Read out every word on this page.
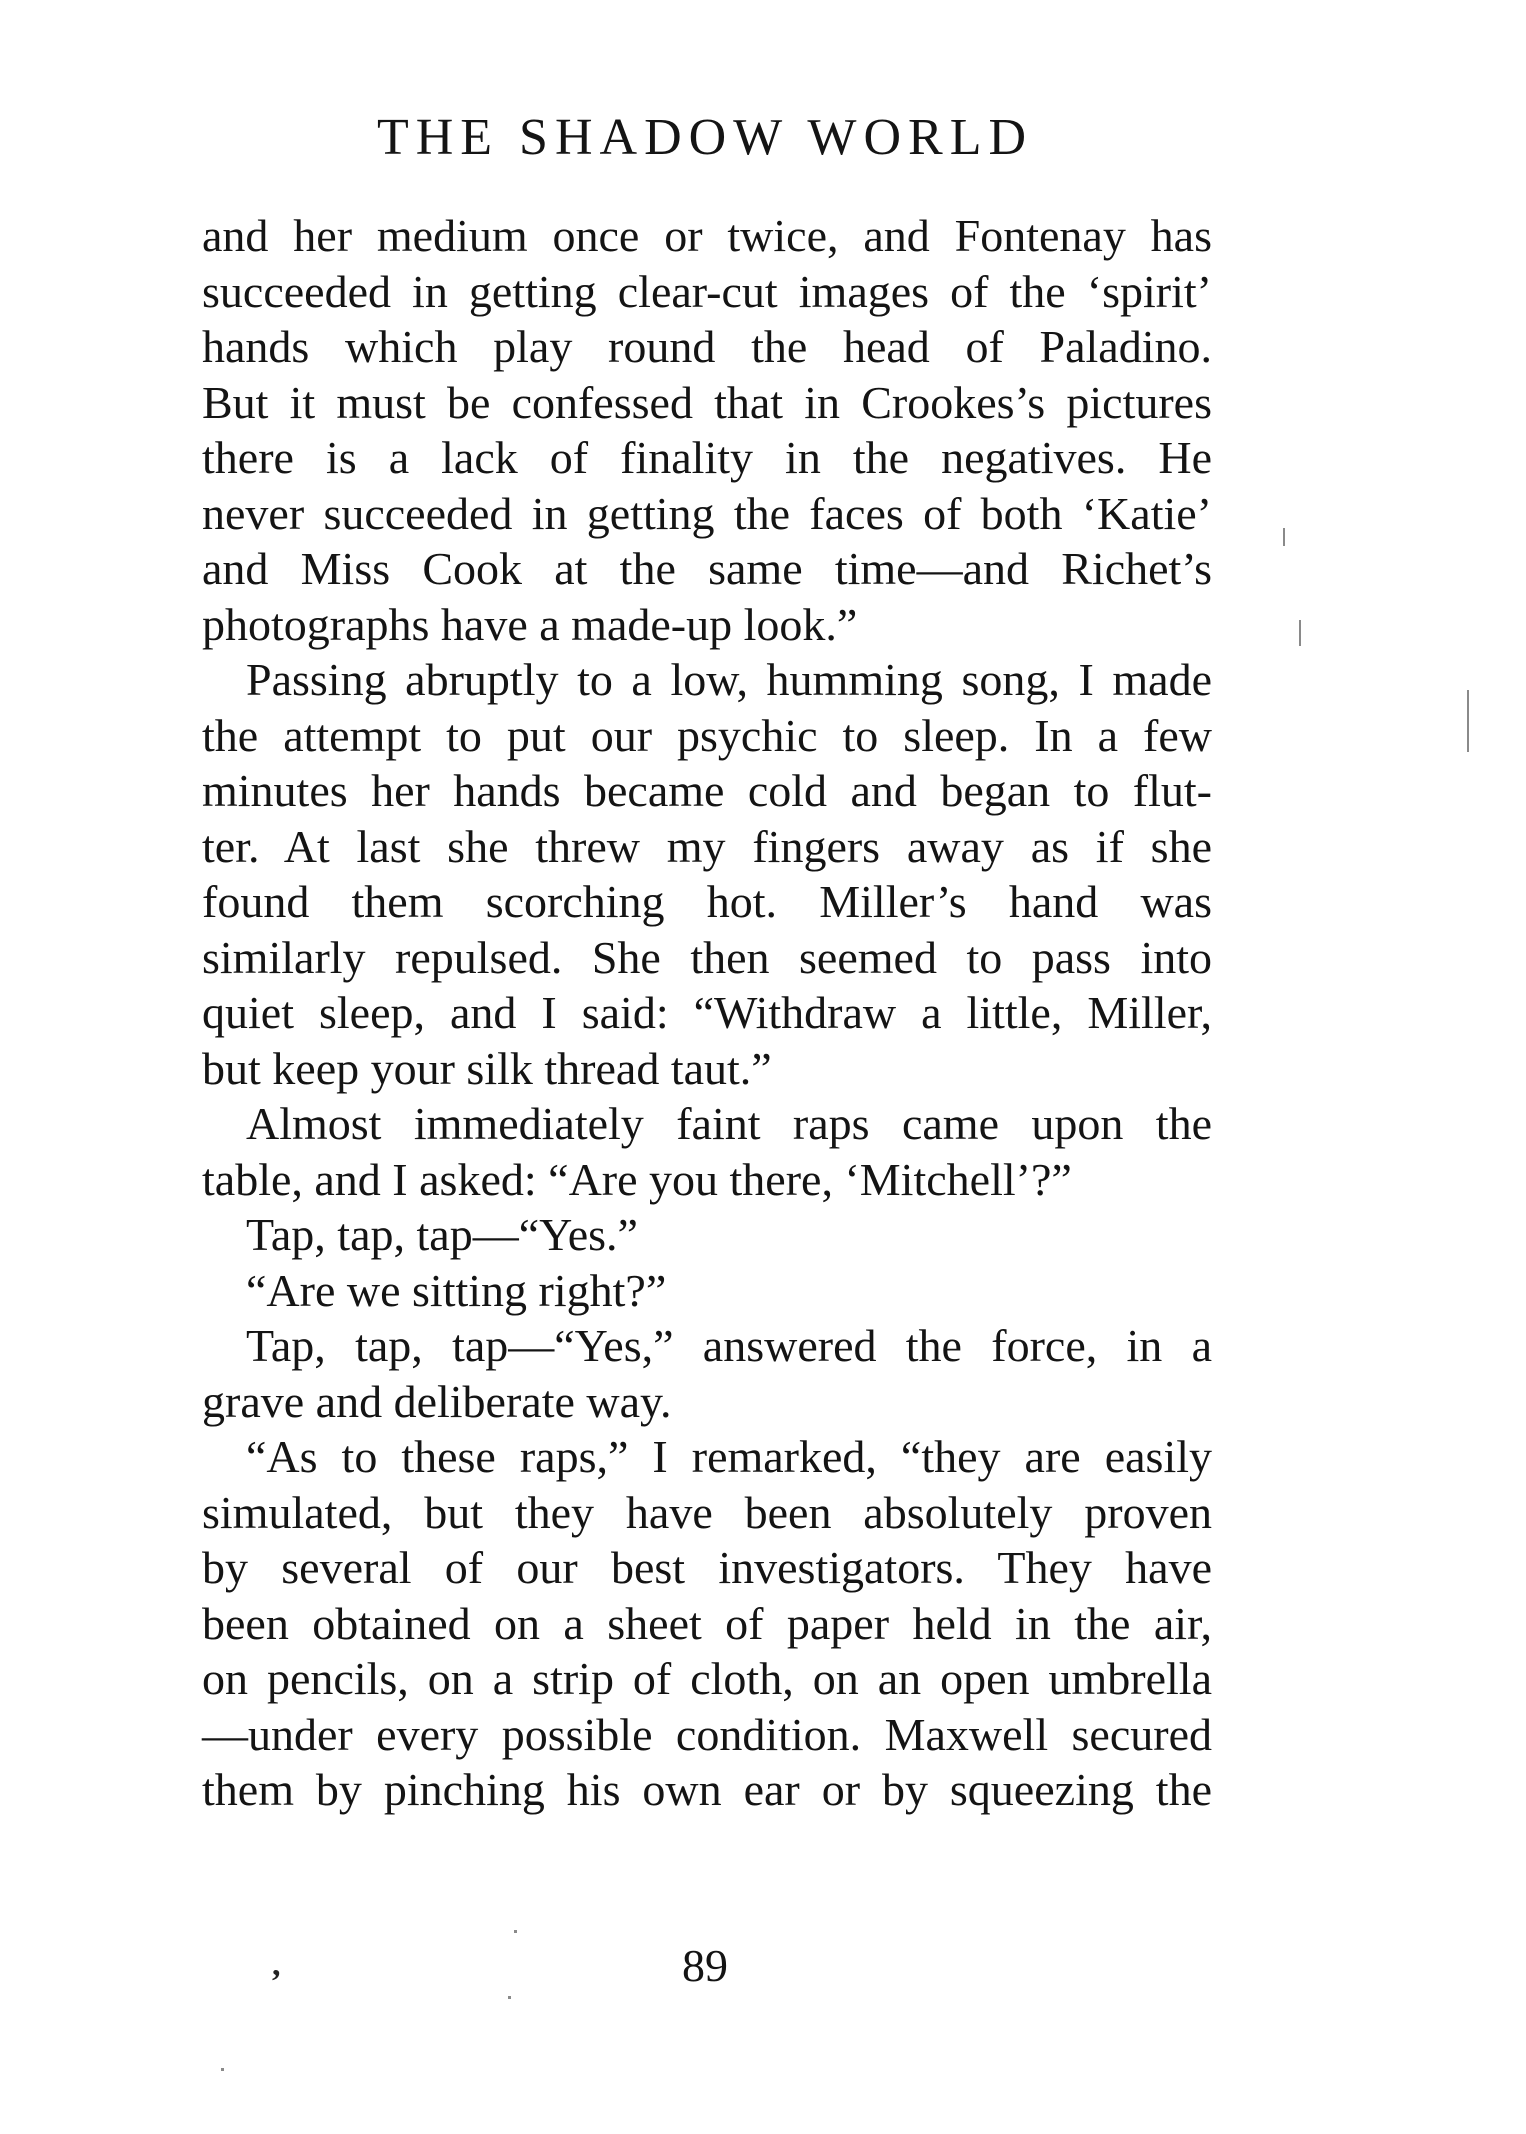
THE SHADOW WORLD
and her medium once or twice, and Fontenay has
succeeded in getting clear-cut images of the ‘spirit’
hands which play round the head of Paladino.
But it must be confessed that in Crookes’s pictures
there is a lack of finality in the negatives. He
never succeeded in getting the faces of both ‘Katie’
and Miss Cook at the same time—and Richet’s
photographs have a made-up look.”
Passing abruptly to a low, humming song, I made
the attempt to put our psychic to sleep. In a few
minutes her hands became cold and began to flut-
ter. At last she threw my fingers away as if she
found them scorching hot. Miller’s hand was
similarly repulsed. She then seemed to pass into
quiet sleep, and I said: “Withdraw a little, Miller,
but keep your silk thread taut.”
Almost immediately faint raps came upon the
table, and I asked: “Are you there, ‘Mitchell’?”
Tap, tap, tap—“Yes.”
“Are we sitting right?”
Tap, tap, tap—“Yes,” answered the force, in a
grave and deliberate way.
“As to these raps,” I remarked, “they are easily
simulated, but they have been absolutely proven
by several of our best investigators. They have
been obtained on a sheet of paper held in the air,
on pencils, on a strip of cloth, on an open umbrella
—under every possible condition. Maxwell secured
them by pinching his own ear or by squeezing the
89
,
